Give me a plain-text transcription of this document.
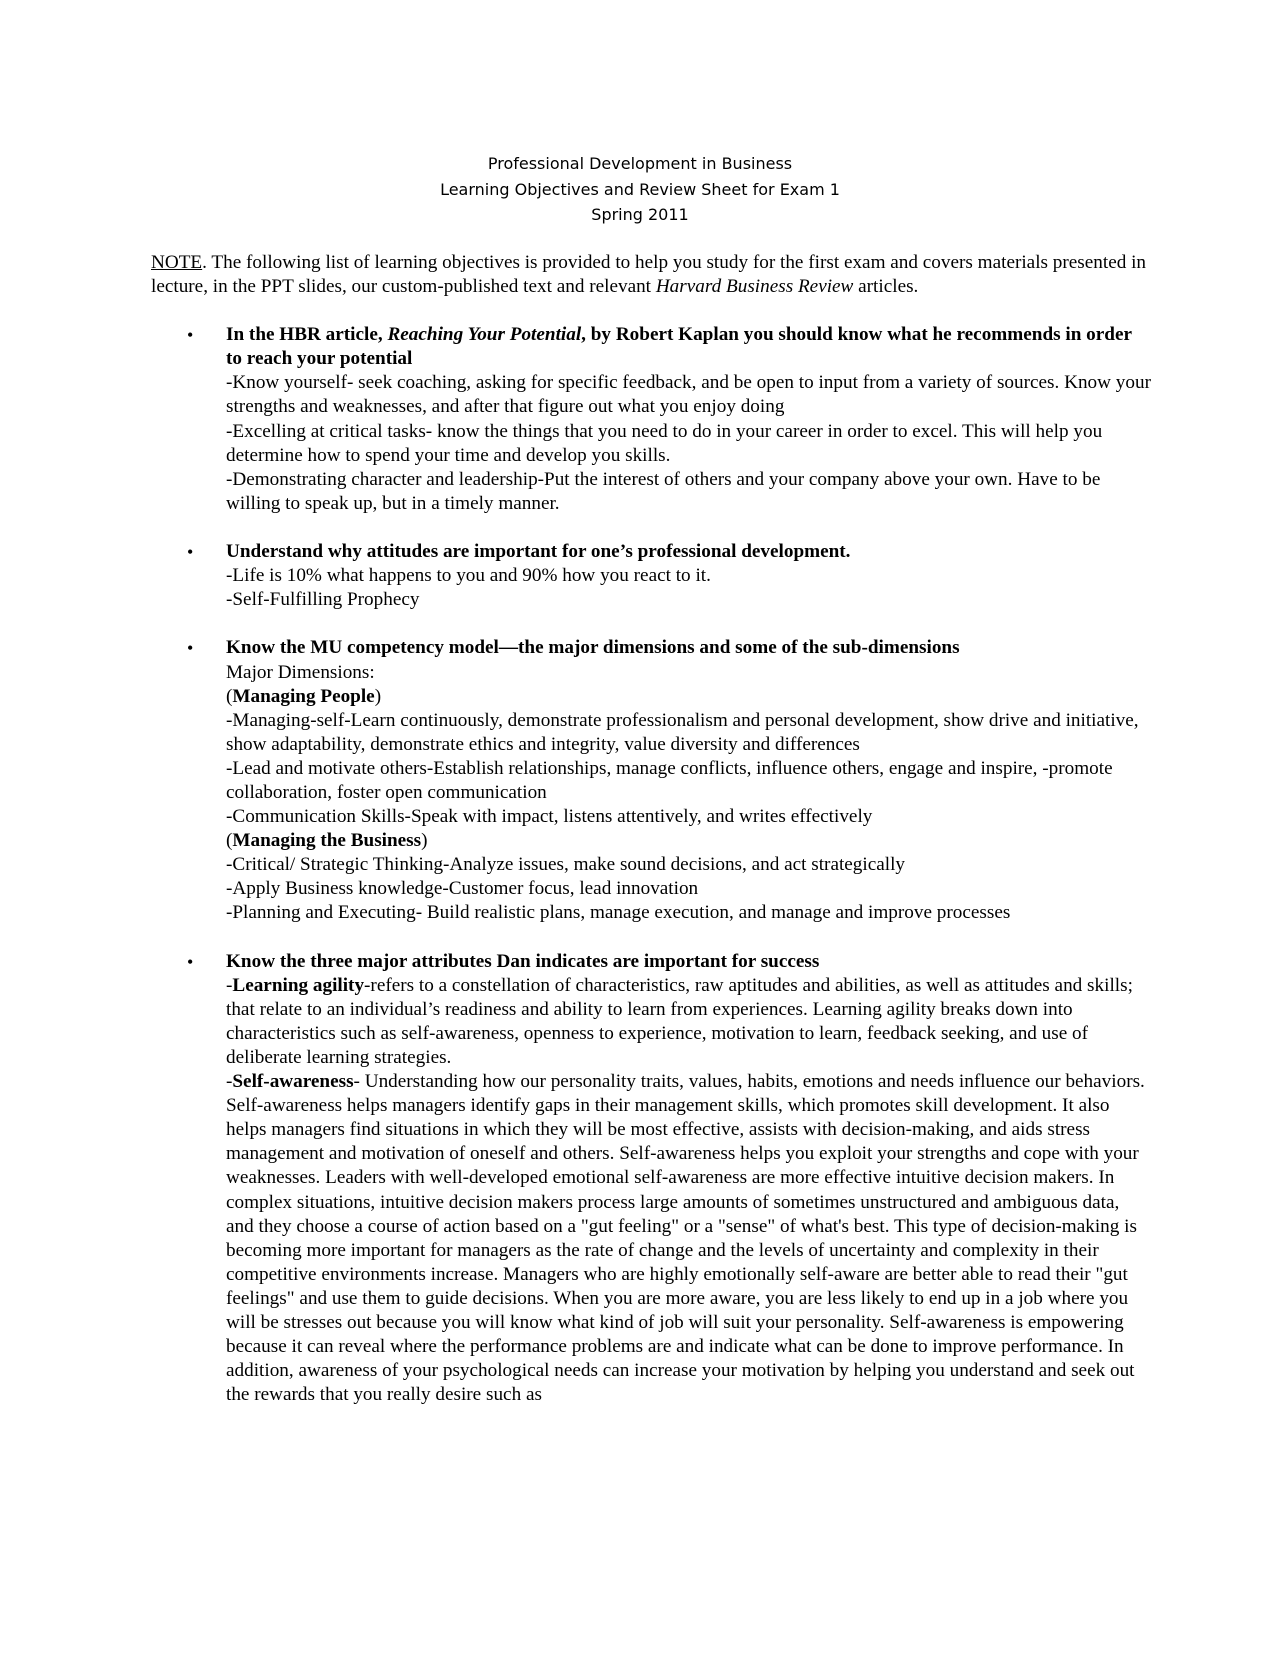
Professional Development in Business
Learning Objectives and Review Sheet for Exam 1
Spring 2011

NOTE. The following list of learning objectives is provided to help you study for the first exam and covers materials presented in lecture, in the PPT slides, our custom-published text and relevant Harvard Business Review articles.

• In the HBR article, Reaching Your Potential, by Robert Kaplan you should know what he recommends in order to reach your potential
-Know yourself- seek coaching, asking for specific feedback, and be open to input from a variety of sources. Know your strengths and weaknesses, and after that figure out what you enjoy doing
-Excelling at critical tasks- know the things that you need to do in your career in order to excel. This will help you determine how to spend your time and develop you skills.
-Demonstrating character and leadership-Put the interest of others and your company above your own. Have to be willing to speak up, but in a timely manner.
• Understand why attitudes are important for one’s professional development.
-Life is 10% what happens to you and 90% how you react to it.
-Self-Fulfilling Prophecy
• Know the MU competency model—the major dimensions and some of the sub-dimensions
Major Dimensions:
(Managing People)
-Managing-self-Learn continuously, demonstrate professionalism and personal development, show drive and initiative, show adaptability, demonstrate ethics and integrity, value diversity and differences
-Lead and motivate others-Establish relationships, manage conflicts, influence others, engage and inspire, -promote collaboration, foster open communication
-Communication Skills-Speak with impact, listens attentively, and writes effectively
(Managing the Business)
-Critical/ Strategic Thinking-Analyze issues, make sound decisions, and act strategically
-Apply Business knowledge-Customer focus, lead innovation
-Planning and Executing- Build realistic plans, manage execution, and manage and improve processes
• Know the three major attributes Dan indicates are important for success
-Learning agility-refers to a constellation of characteristics, raw aptitudes and abilities, as well as attitudes and skills; that relate to an individual’s readiness and ability to learn from experiences. Learning agility breaks down into characteristics such as self-awareness, openness to experience, motivation to learn, feedback seeking, and use of deliberate learning strategies.
-Self-awareness- Understanding how our personality traits, values, habits, emotions and needs influence our behaviors. Self-awareness helps managers identify gaps in their management skills, which promotes skill development. It also helps managers find situations in which they will be most effective, assists with decision-making, and aids stress management and motivation of oneself and others. Self-awareness helps you exploit your strengths and cope with your weaknesses. Leaders with well-developed emotional self-awareness are more effective intuitive decision makers. In complex situations, intuitive decision makers process large amounts of sometimes unstructured and ambiguous data, and they choose a course of action based on a "gut feeling" or a "sense" of what's best. This type of decision-making is becoming more important for managers as the rate of change and the levels of uncertainty and complexity in their competitive environments increase. Managers who are highly emotionally self-aware are better able to read their "gut feelings" and use them to guide decisions. When you are more aware, you are less likely to end up in a job where you will be stresses out because you will know what kind of job will suit your personality. Self-awareness is empowering because it can reveal where the performance problems are and indicate what can be done to improve performance. In addition, awareness of your psychological needs can increase your motivation by helping you understand and seek out the rewards that you really desire such as
